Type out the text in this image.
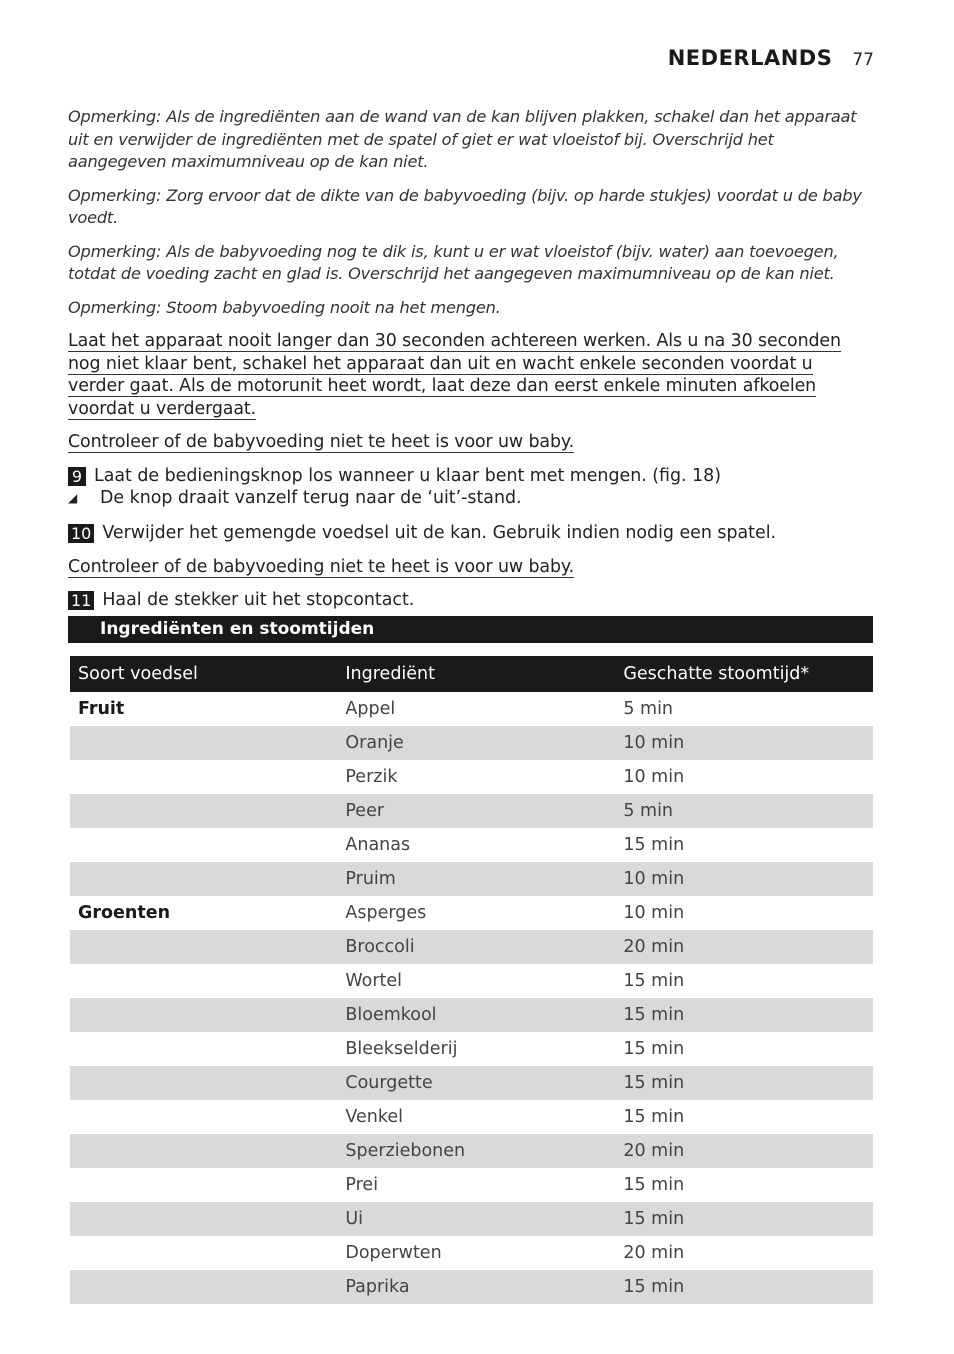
NEDERLANDS 77

Opmerking: Als de ingrediënten aan de wand van de kan blijven plakken, schakel dan het apparaat uit en verwijder de ingrediënten met de spatel of giet er wat vloeistof bij. Overschrijd het aangegeven maximumniveau op de kan niet.

Opmerking: Zorg ervoor dat de dikte van de babyvoeding (bijv. op harde stukjes) voordat u de baby voedt.

Opmerking: Als de babyvoeding nog te dik is, kunt u er wat vloeistof (bijv. water) aan toevoegen, totdat de voeding zacht en glad is. Overschrijd het aangegeven maximumniveau op de kan niet.

Opmerking: Stoom babyvoeding nooit na het mengen.

Laat het apparaat nooit langer dan 30 seconden achtereen werken. Als u na 30 seconden nog niet klaar bent, schakel het apparaat dan uit en wacht enkele seconden voordat u verder gaat. Als de motorunit heet wordt, laat deze dan eerst enkele minuten afkoelen voordat u verdergaat.

Controleer of de babyvoeding niet te heet is voor uw baby.

9 Laat de bedieningsknop los wanneer u klaar bent met mengen. (fig. 18)
◢	De knop draait vanzelf terug naar de ‘uit’-stand.
10 Verwijder het gemengde voedsel uit de kan. Gebruik indien nodig een spatel.

Controleer of de babyvoeding niet te heet is voor uw baby.

11 Haal de stekker uit het stopcontact.
Ingrediënten en stoomtijden
Soort voedsel	Ingrediënt	Geschatte stoomtijd*
Fruit	Appel	5 min
	Oranje	10 min
	Perzik	10 min
	Peer	5 min
	Ananas	15 min
	Pruim	10 min
Groenten	Asperges	10 min
	Broccoli	20 min
	Wortel	15 min
	Bloemkool	15 min
	Bleekselderij	15 min
	Courgette	15 min
	Venkel	15 min
	Sperziebonen	20 min
	Prei	15 min
	Ui	15 min
	Doperwten	20 min
	Paprika	15 min
